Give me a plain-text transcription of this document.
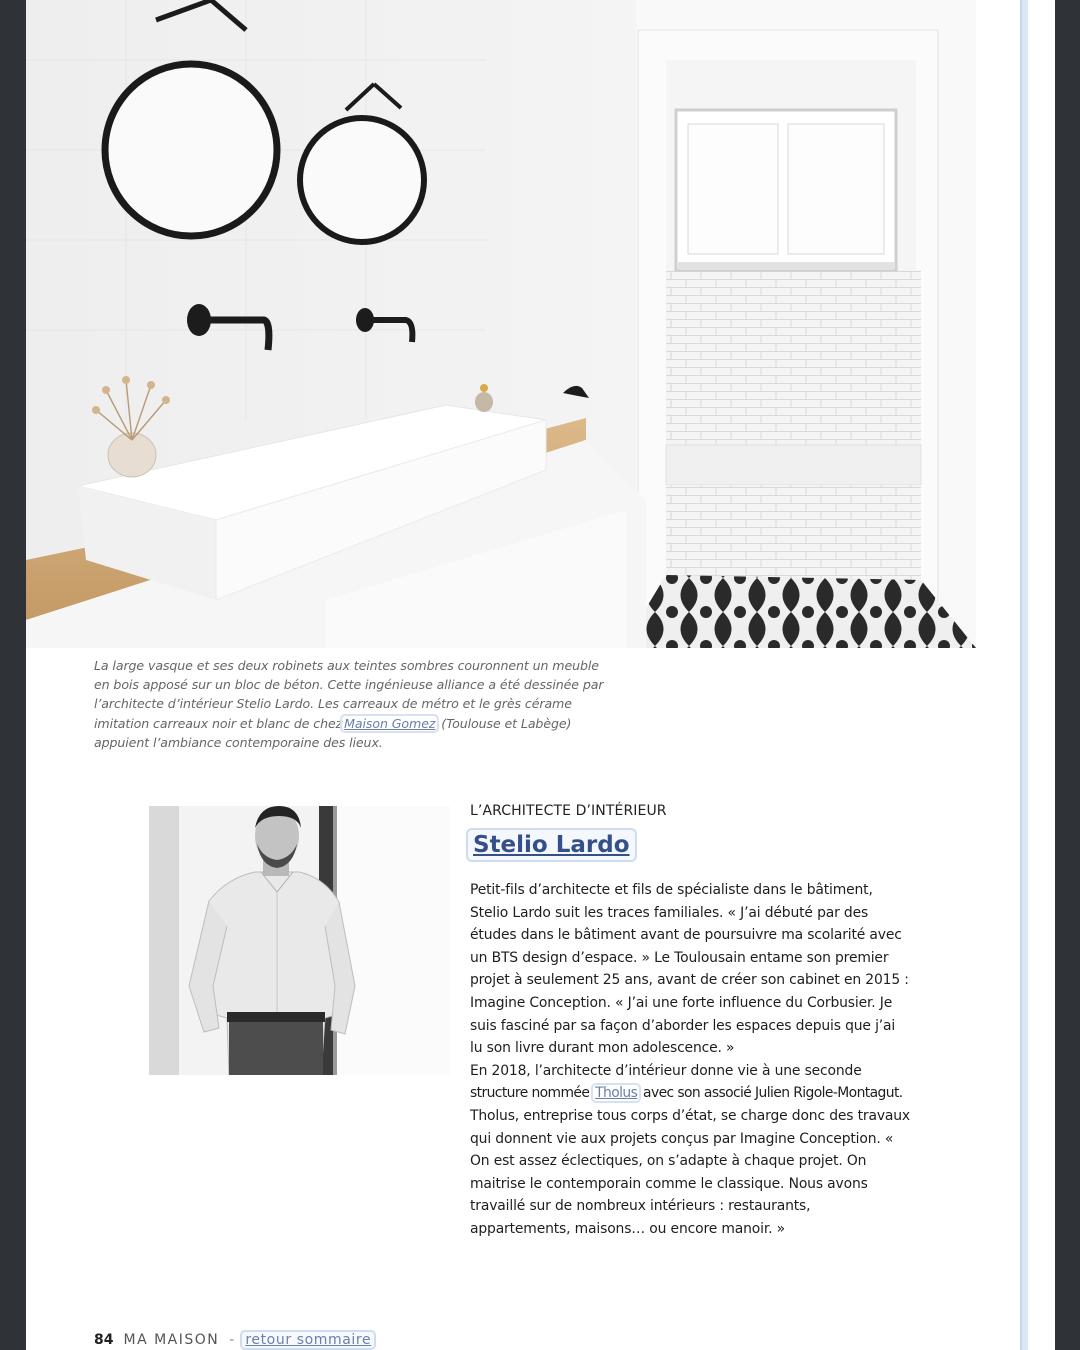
La large vasque et ses deux robinets aux teintes sombres couronnent un meuble en bois apposé sur un bloc de béton. Cette ingénieuse alliance a été dessinée par l’architecte d’intérieur Stelio Lardo. Les carreaux de métro et le grès cérame imitation carreaux noir et blanc de chez Maison Gomez (Toulouse et Labège) appuient l’ambiance contemporaine des lieux.
L’ARCHITECTE D’INTÉRIEUR
Stelio Lardo

Petit-fils d’architecte et fils de spécialiste dans le bâtiment, Stelio Lardo suit les traces familiales. « J’ai débuté par des études dans le bâtiment avant de poursuivre ma scolarité avec un BTS design d’espace. » Le Toulousain entame son premier projet à seulement 25 ans, avant de créer son cabinet en 2015 : Imagine Conception. « J’ai une forte influence du Corbusier. Je suis fasciné par sa façon d’aborder les espaces depuis que j’ai lu son livre durant mon adolescence. »

En 2018, l’architecte d’intérieur donne vie à une seconde
structure nommée Tholus avec son associé Julien Rigole-Montagut.
Tholus, entreprise tous corps d’état, se charge donc des travaux qui donnent vie aux projets conçus par Imagine Conception. « On est assez éclectiques, on s’adapte à chaque projet. On maitrise le contemporain comme le classique. Nous avons travaillé sur de nombreux intérieurs : restaurants, appartements, maisons… ou encore manoir. »

84 MA MAISON - retour sommaire
